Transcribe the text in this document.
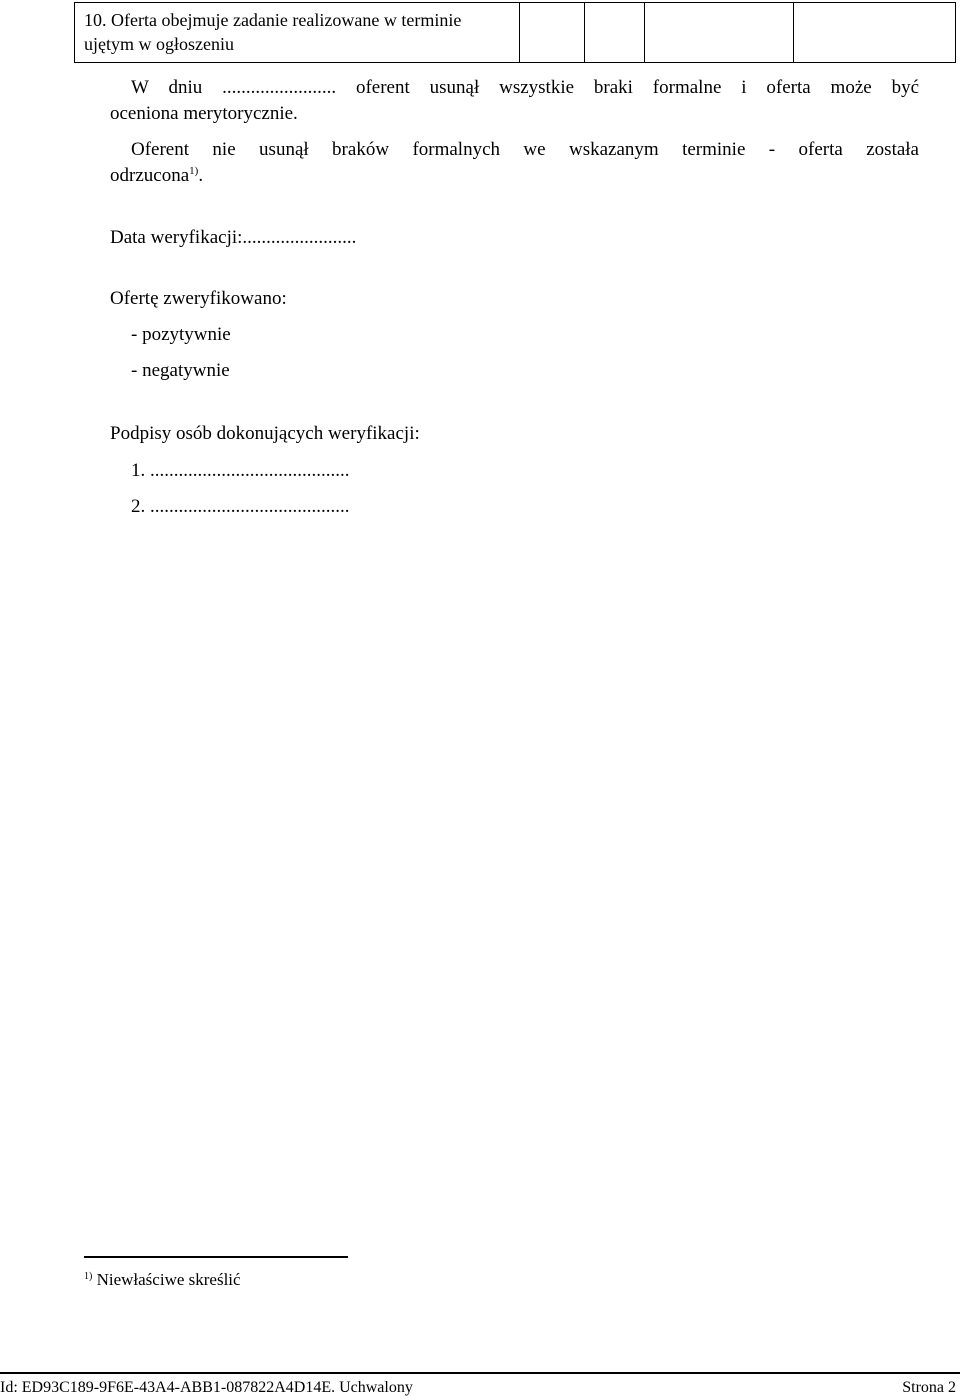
10. Oferta obejmuje zadanie realizowane w terminie
ujętym w ogłoszeniu

W dniu ........................ oferent usunął wszystkie braki formalne i oferta może być
oceniona merytorycznie.
Oferent nie usunął braków formalnych we wskazanym terminie - oferta została
odrzucona$^{1)}$.
Data weryfikacji:........................
Ofertę zweryfikowano:
- pozytywnie
- negatywnie
Podpisy osób dokonujących weryfikacji:
1. ..........................................
2. ..........................................
$^{1)}$ Niewłaściwe skreślić
Id: ED93C189-9F6E-43A4-ABB1-087822A4D14E. Uchwalony	Strona 2
